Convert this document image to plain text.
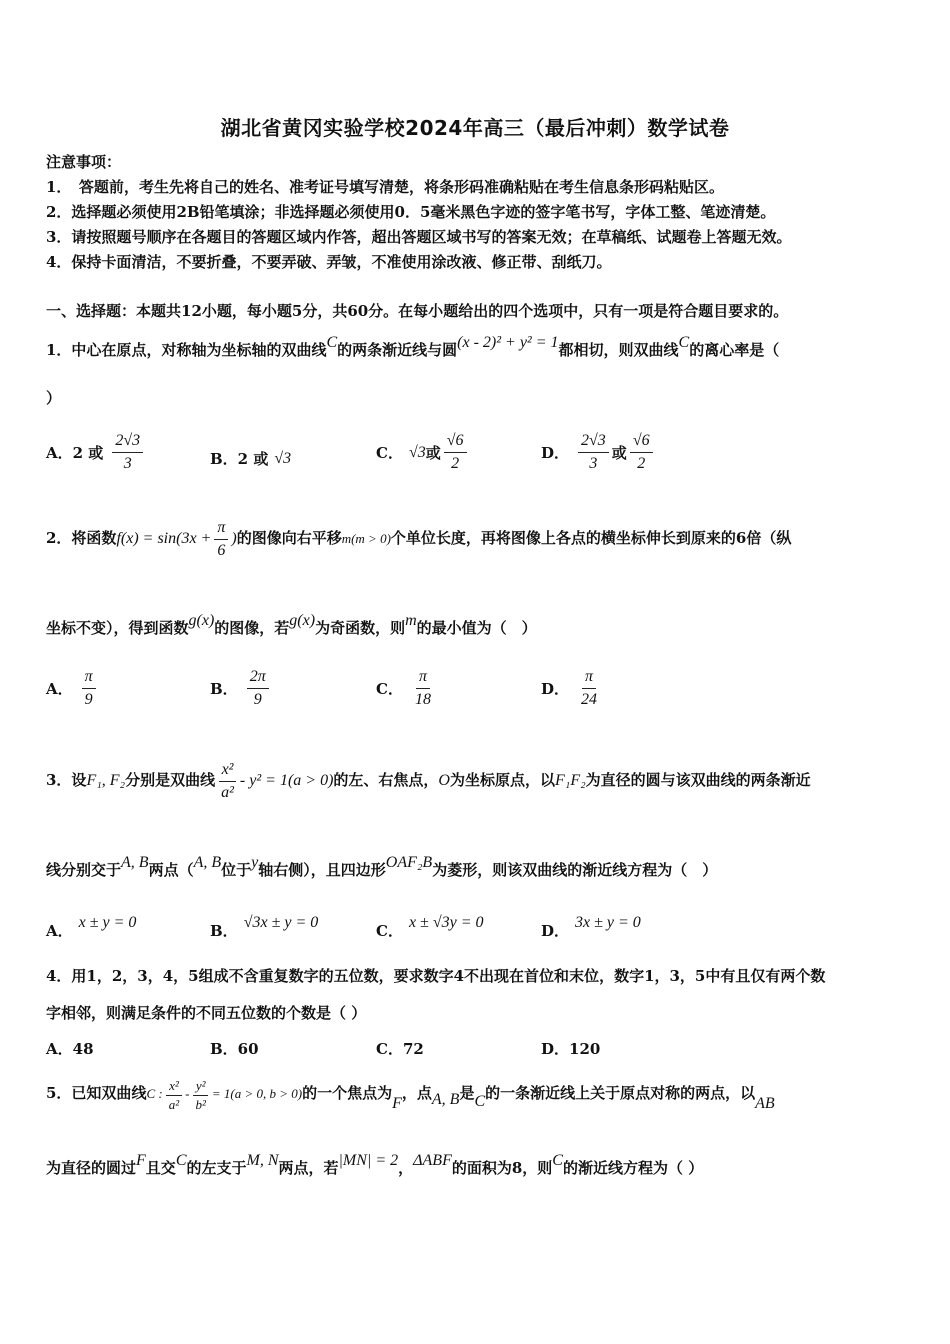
湖北省黄冈实验学校2024年高三（最后冲刺）数学试卷
注意事项：
1．　答题前，考生先将自己的姓名、准考证号填写清楚，将条形码准确粘贴在考生信息条形码粘贴区。
2．选择题必须使用2B铅笔填涂；非选择题必须使用0．5毫米黑色字迹的签字笔书写，字体工整、笔迹清楚。
3．请按照题号顺序在各题目的答题区域内作答，超出答题区域书写的答案无效；在草稿纸、试题卷上答题无效。
4．保持卡面清洁，不要折叠，不要弄破、弄皱，不准使用涂改液、修正带、刮纸刀。
一、选择题：本题共12小题，每小题5分，共60分。在每小题给出的四个选项中，只有一项是符合题目要求的。
1．中心在原点，对称轴为坐标轴的双曲线C的两条渐近线与圆(x - 2)² + y² = 1都相切，则双曲线C的离心率是（
）
A．2 或 $\frac{2√3}{3}$	B．2 或 √3	C． √3 或 $\frac{√6}{2}$	D． $\frac{2√3}{3}$ 或 $\frac{√6}{2}$
2．将函数$f(x) = \sin(3x + \frac{\pi}{6}$ )的图像向右平移m(m > 0)个单位长度，再将图像上各点的横坐标伸长到原来的6倍（纵
坐标不变），得到函数g(x)的图像，若g(x)为奇函数，则m的最小值为（　）
A． $\frac{\pi}{9}$	B． $\frac{2\pi}{9}$	C． $\frac{\pi}{18}$	D． $\frac{\pi}{24}$
3．设F₁, F₂分别是双曲线 $\frac{\text{x²}}{\text{a²}} - y^2 = 1(a > 0)$的左、右焦点，O为坐标原点，以F₁F₂为直径的圆与该双曲线的两条渐近
线分别交于A, B两点（A, B位于y轴右侧），且四边形OAF₂B为菱形，则该双曲线的渐近线方程为（　）
A． x ± y = 0	B． √3x ± y = 0	C． x ± √3y = 0	D． 3x ± y = 0
4．用1，2，3，4，5组成不含重复数字的五位数，要求数字4不出现在首位和末位，数字1，3，5中有且仅有两个数
字相邻，则满足条件的不同五位数的个数是（ ）
A．48	B．60	C．72	D．120
5．已知双曲线C : $\frac{\text{x²}}{\text{a²}} - \frac{\text{y²}}{\text{b²}} = 1(a > 0$, b > 0)的一个焦点为F，点A, B是C的一条渐近线上关于原点对称的两点，以AB
为直径的圆过F且交C的左支于M, N两点，若|MN| = 2，ΔABF的面积为8，则C的渐近线方程为（ ）
